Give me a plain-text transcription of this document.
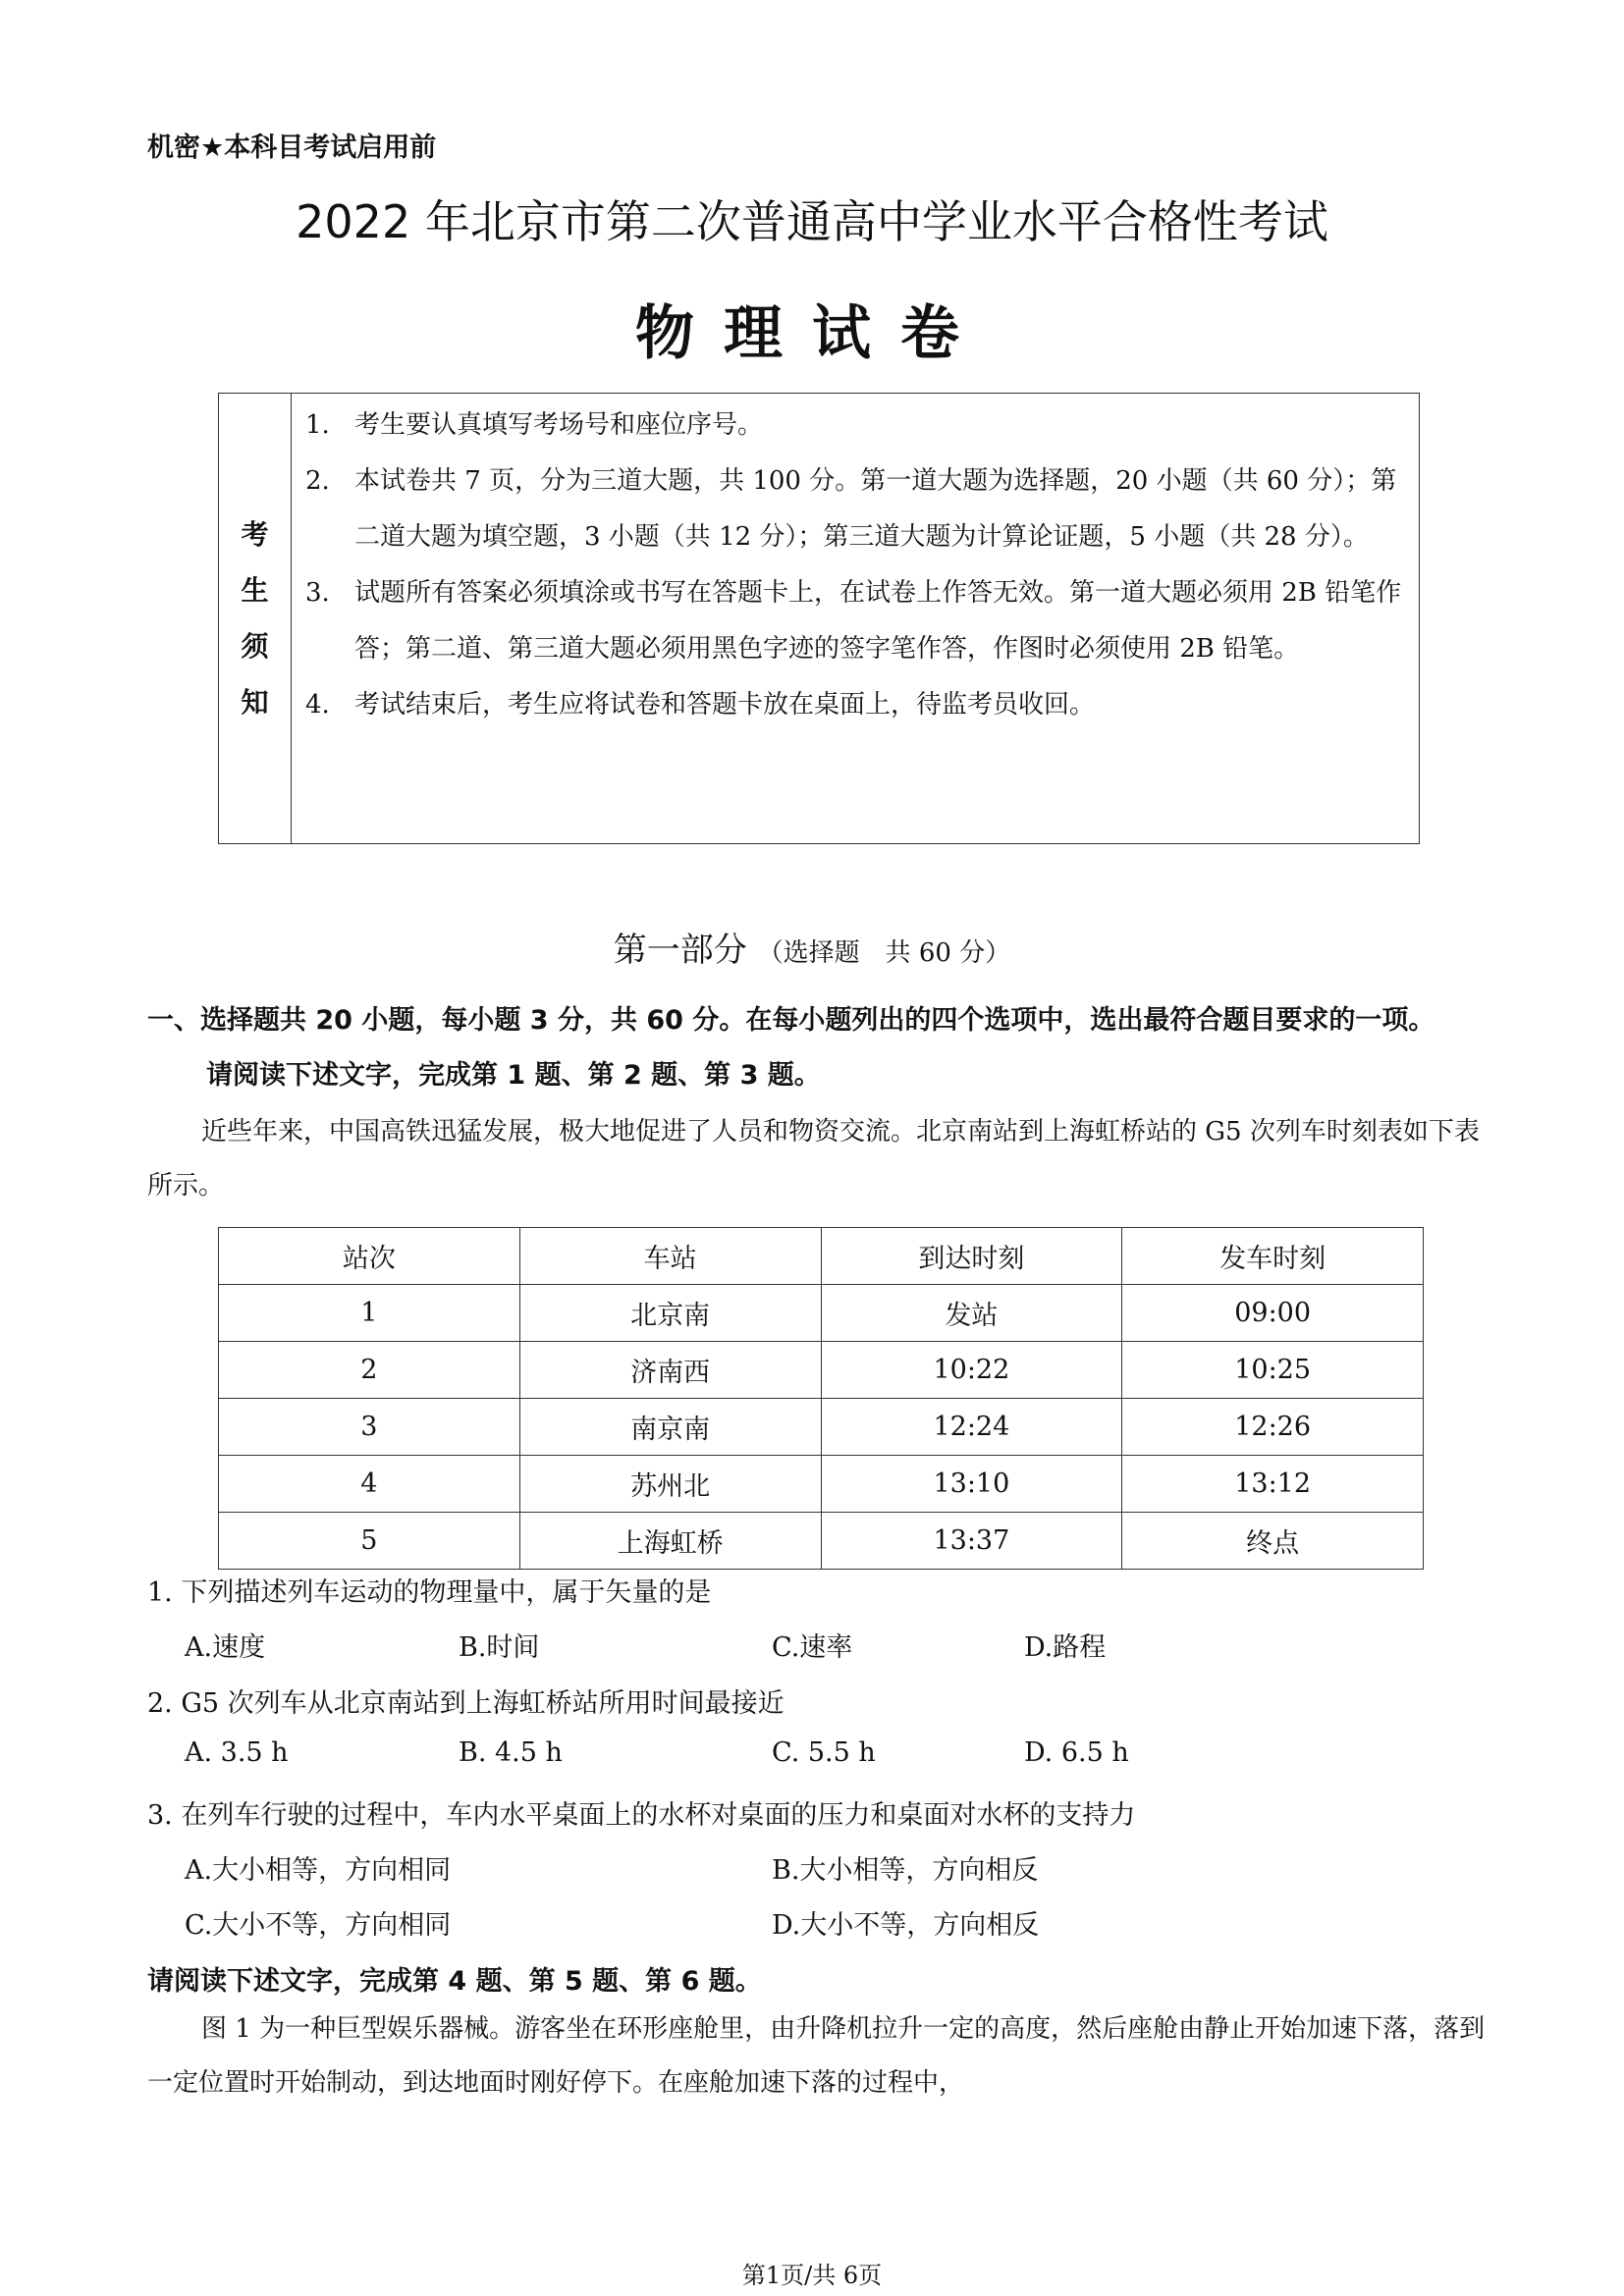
机密★本科目考试启用前
2022 年北京市第二次普通高中学业水平合格性考试
物理试卷
考
生
须
知
1. 考生要认真填写考场号和座位序号。
2. 本试卷共 7 页，分为三道大题，共 100 分。第一道大题为选择题，20 小题（共 60 分）；第二道大题为填空题，3 小题（共 12 分）；第三道大题为计算论证题，5 小题（共 28 分）。
3. 试题所有答案必须填涂或书写在答题卡上，在试卷上作答无效。第一道大题必须用 2B 铅笔作答；第二道、第三道大题必须用黑色字迹的签字笔作答，作图时必须使用 2B 铅笔。
4. 考试结束后，考生应将试卷和答题卡放在桌面上，待监考员收回。
第一部分 （选择题　共 60 分）
一、选择题共 20 小题，每小题 3 分，共 60 分。在每小题列出的四个选项中，选出最符合题目要求的一项。
请阅读下述文字，完成第 1 题、第 2 题、第 3 题。
近些年来，中国高铁迅猛发展，极大地促进了人员和物资交流。北京南站到上海虹桥站的 G5 次列车时刻表如下表所示。
站次	车站	到达时刻	发车时刻
1	北京南	发站	09:00
2	济南西	10:22	10:25
3	南京南	12:24	12:26
4	苏州北	13:10	13:12
5	上海虹桥	13:37	终点
1. 下列描述列车运动的物理量中，属于矢量的是
A.速度	B.时间	C.速率	D.路程
2. G5 次列车从北京南站到上海虹桥站所用时间最接近
A. 3.5 h	B. 4.5 h	C. 5.5 h	D. 6.5 h
3. 在列车行驶的过程中，车内水平桌面上的水杯对桌面的压力和桌面对水杯的支持力
A.大小相等，方向相同	B.大小相等，方向相反
C.大小不等，方向相同	D.大小不等，方向相反
请阅读下述文字，完成第 4 题、第 5 题、第 6 题。
图 1 为一种巨型娱乐器械。游客坐在环形座舱里，由升降机拉升一定的高度，然后座舱由静止开始加速下落，落到一定位置时开始制动，到达地面时刚好停下。在座舱加速下落的过程中，
第1页/共 6页
